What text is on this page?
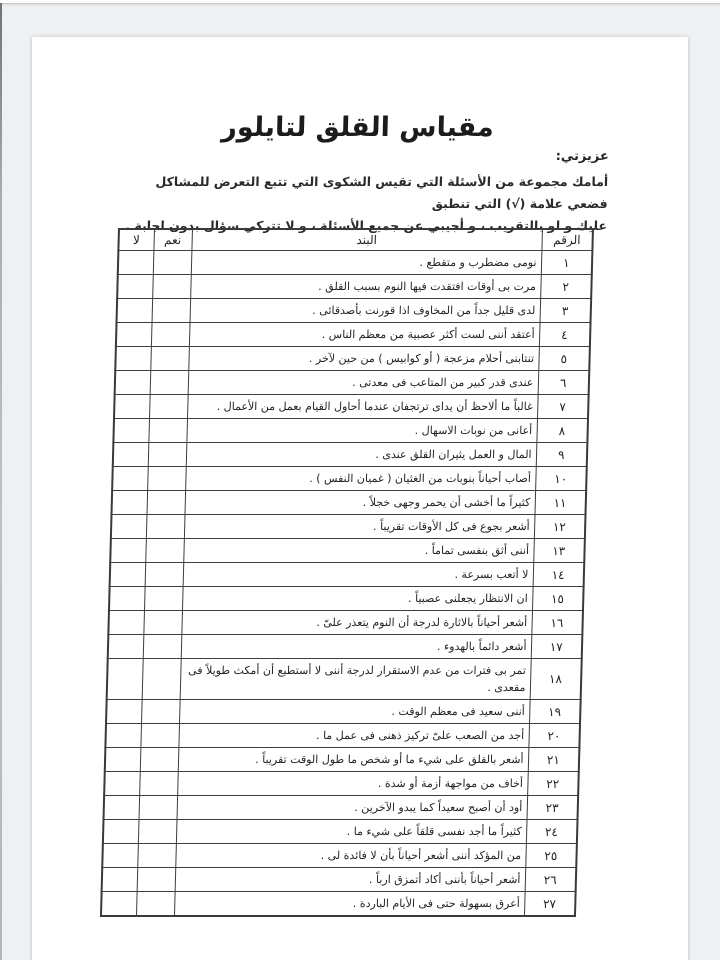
مقياس القلق لتايلور
عزيزتي:
أمامك مجموعة من الأسئلة التي تقيس الشكوى التي تتبع التعرض للمشاكل فضعي علامة (√) التي تنطبق
عليك و لو بالتقريب ، و أجيبي عن جميع الأسئلة ، و لا تتركي سؤال بدون اجابة .
الرقم	البند	نعم	لا
١	نومى مضطرب و متقطع .		
٢	مرت بى أوقات افتقدت فيها النوم بسبب القلق .		
٣	لدى قليل جداً من المخاوف اذا قورنت بأصدقائى .		
٤	أعتقد أننى لست أكثر عصبية من معظم الناس .		
٥	تنتابنى أحلام مزعجة ( أو كوابيس ) من حين لآخر .		
٦	عندى قدر كبير من المتاعب فى معدتى .		
٧	غالباً ما ألاحظ أن يداى ترتجفان عندما أحاول القيام بعمل من الأعمال .		
٨	أعانى من نوبات الاسهال .		
٩	المال و العمل يثيران القلق عندى .		
١٠	أصاب أحياناً بنوبات من الغثيان ( غميان النفس ) .		
١١	كثيراً ما أخشى أن يحمر وجهى خجلاً .		
١٢	أشعر بجوع فى كل الأوقات تقريباً .		
١٣	أننى أثق بنفسى تماماً .		
١٤	لا أتعب بسرعة .		
١٥	ان الانتظار يجعلنى عصبياً .		
١٦	أشعر أحياناً بالاثارة لدرجة أن النوم يتعذر علىّ .		
١٧	أشعر دائماً بالهدوء .		
١٨	تمر بى فترات من عدم الاستقرار لدرجة أننى لا أستطيع أن أمكث طويلاً فى مقعدى .		
١٩	أننى سعيد فى معظم الوقت .		
٢٠	أجد من الصعب علىّ تركيز ذهنى فى عمل ما .		
٢١	أشعر بالقلق على شيء ما أو شخص ما طول الوقت تقريباً .		
٢٢	أخاف من مواجهة أزمة أو شدة .		
٢٣	أود أن أصبح سعيداً كما يبدو الآخرين .		
٢٤	كثيراً ما أجد نفسى قلقاً على شيء ما .		
٢٥	من المؤكد أننى أشعر أحياناً بأن لا فائدة لى .		
٢٦	أشعر أحياناً بأننى أكاد أتمزق ارباً .		
٢٧	أعرق بسهولة حتى فى الأيام الباردة .		
